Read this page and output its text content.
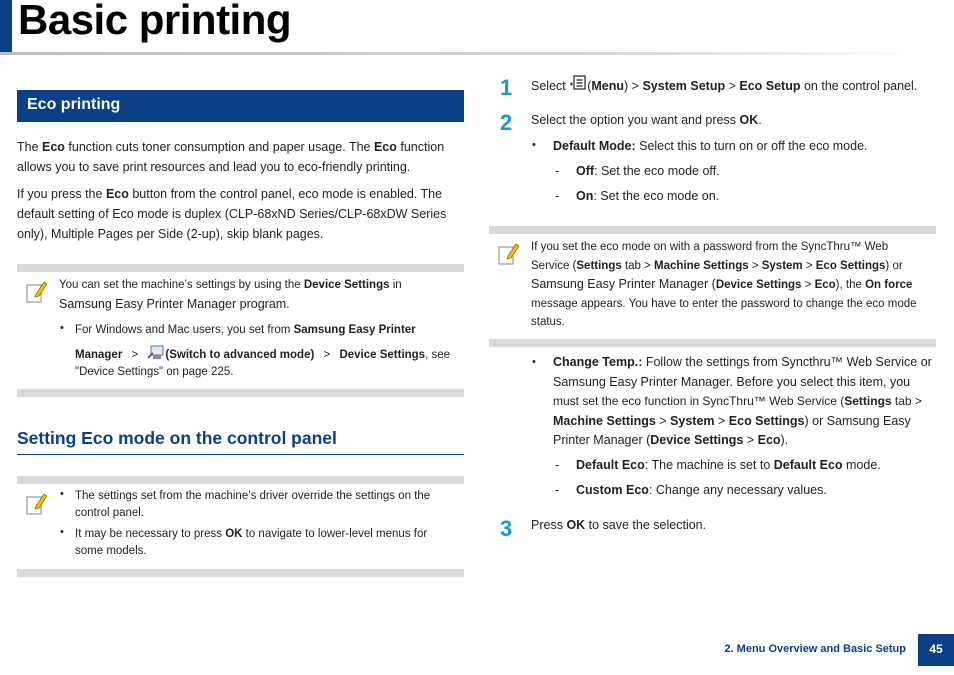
Basic printing
Eco printing
The Eco function cuts toner consumption and paper usage. The Eco function
allows you to save print resources and lead you to eco-friendly printing.
If you press the Eco button from the control panel, eco mode is enabled. The
default setting of Eco mode is duplex (CLP-68xND Series/CLP-68xDW Series
only), Multiple Pages per Side (2-up), skip blank pages.
You can set the machine’s settings by using the Device Settings in
Samsung Easy Printer Manager program.
• For Windows and Mac users, you set from Samsung Easy Printer
Manager > (Switch to advanced mode) > Device Settings, see
"Device Settings" on page 225.
Setting Eco mode on the control panel
• The settings set from the machine’s driver override the settings on the
control panel.
• It may be necessary to press OK to navigate to lower-level menus for
some models.
1	Select (Menu) > System Setup > Eco Setup on the control panel.
2	Select the option you want and press OK.
• Default Mode: Select this to turn on or off the eco mode.
- Off: Set the eco mode off.
- On: Set the eco mode on.
If you set the eco mode on with a password from the SyncThru™ Web
Service (Settings tab > Machine Settings > System > Eco Settings) or
Samsung Easy Printer Manager (Device Settings > Eco), the On force
message appears. You have to enter the password to change the eco mode
status.
• Change Temp.: Follow the settings from Syncthru™ Web Service or
Samsung Easy Printer Manager. Before you select this item, you
must set the eco function in SyncThru™ Web Service (Settings tab >
Machine Settings > System > Eco Settings) or Samsung Easy
Printer Manager (Device Settings > Eco).
- Default Eco: The machine is set to Default Eco mode.
- Custom Eco: Change any necessary values.
3	Press OK to save the selection.
2. Menu Overview and Basic Setup	45
